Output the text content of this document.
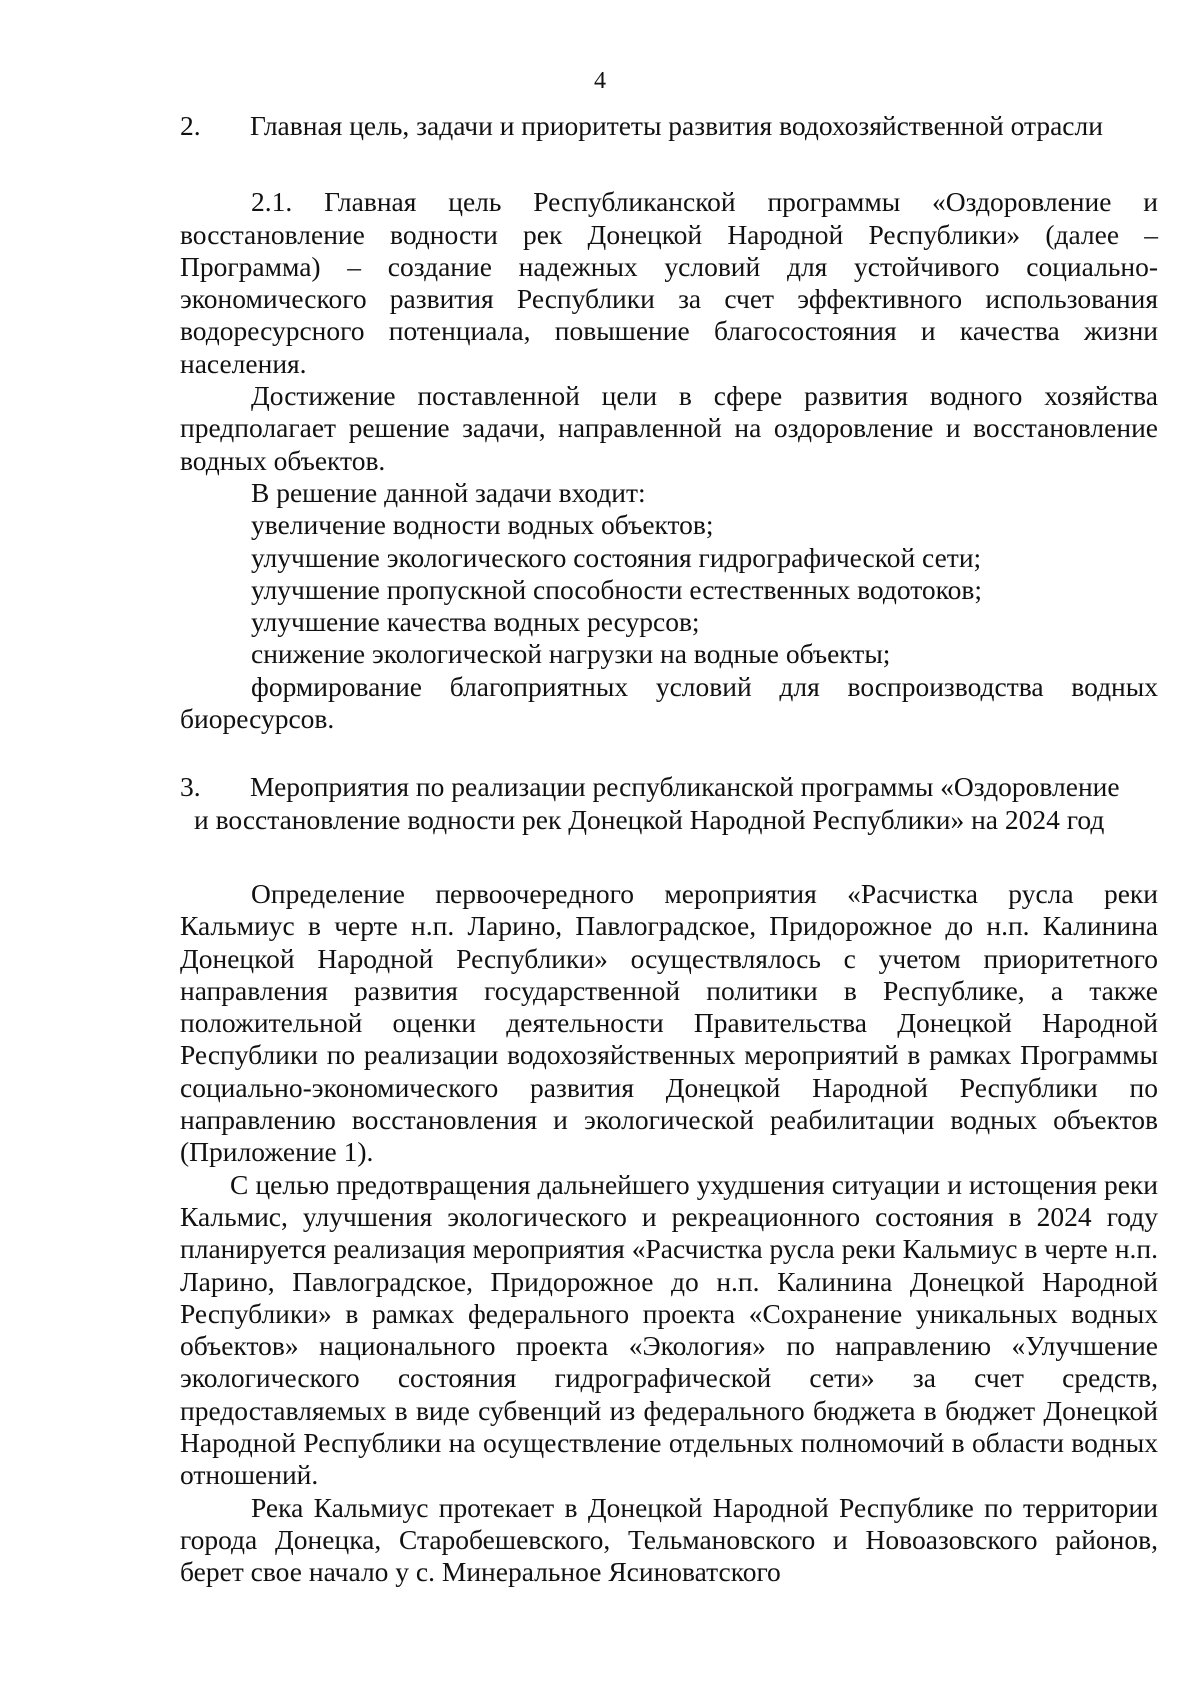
4
2. Главная цель, задачи и приоритеты развития водохозяйственной отрасли

2.1. Главная цель Республиканской программы «Оздоровление и восстановление водности рек Донецкой Народной Республики» (далее – Программа) – создание надежных условий для устойчивого социально-экономического развития Республики за счет эффективного использования водоресурсного потенциала, повышение благосостояния и качества жизни населения.

Достижение поставленной цели в сфере развития водного хозяйства предполагает решение задачи, направленной на оздоровление и восстановление водных объектов.

В решение данной задачи входит:

увеличение водности водных объектов;

улучшение экологического состояния гидрографической сети;

улучшение пропускной способности естественных водотоков;

улучшение качества водных ресурсов;

снижение экологической нагрузки на водные объекты;

формирование благоприятных условий для воспроизводства водных биоресурсов.

3. Мероприятия по реализации республиканской программы «Оздоровление
и восстановление водности рек Донецкой Народной Республики» на 2024 год

Определение первоочередного мероприятия «Расчистка русла реки Кальмиус в черте н.п. Ларино, Павлоградское, Придорожное до н.п. Калинина Донецкой Народной Республики» осуществлялось с учетом приоритетного направления развития государственной политики в Республике, а также положительной оценки деятельности Правительства Донецкой Народной Республики по реализации водохозяйственных мероприятий в рамках Программы социально-экономического развития Донецкой Народной Республики по направлению восстановления и экологической реабилитации водных объектов (Приложение 1).

С целью предотвращения дальнейшего ухудшения ситуации и истощения реки Кальмис, улучшения экологического и рекреационного состояния в 2024 году планируется реализация мероприятия «Расчистка русла реки Кальмиус в черте н.п. Ларино, Павлоградское, Придорожное до н.п. Калинина Донецкой Народной Республики» в рамках федерального проекта «Сохранение уникальных водных объектов» национального проекта «Экология» по направлению «Улучшение экологического состояния гидрографической сети» за счет средств, предоставляемых в виде субвенций из федерального бюджета в бюджет Донецкой Народной Республики на осуществление отдельных полномочий в области водных отношений.

Река Кальмиус протекает в Донецкой Народной Республике по территории города Донецка, Старобешевского, Тельмановского и Новоазовского районов, берет свое начало у с. Минеральное Ясиноватского
